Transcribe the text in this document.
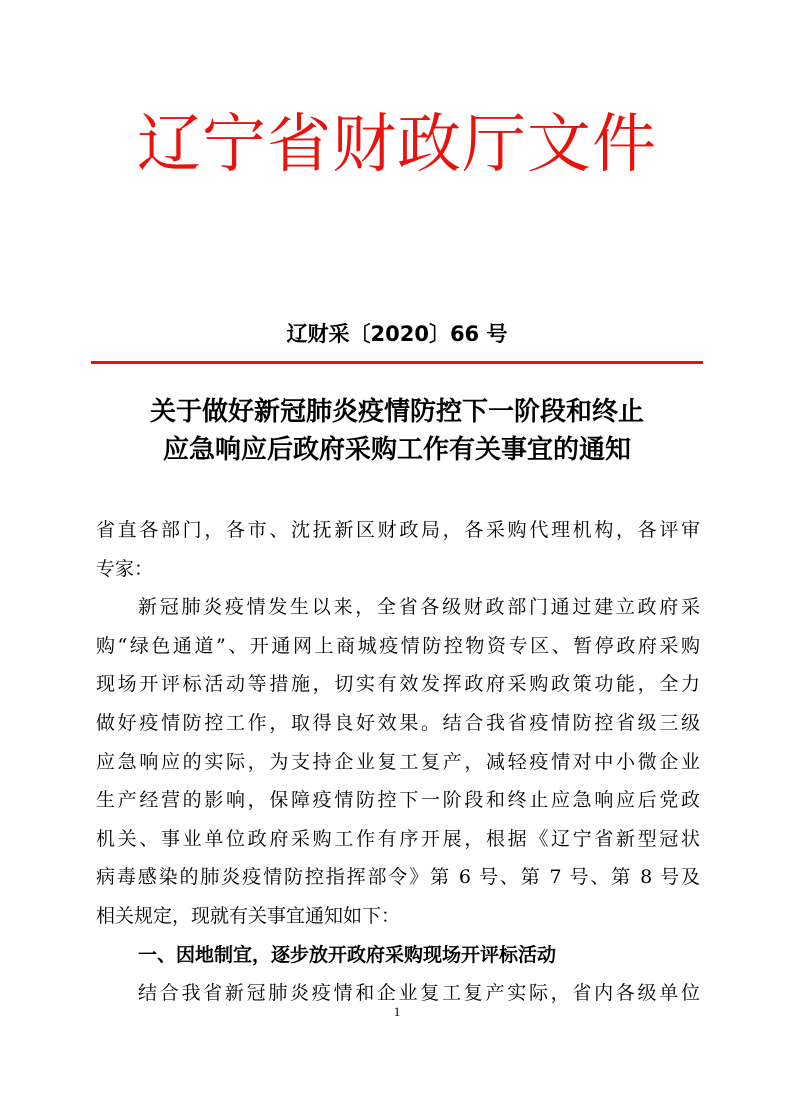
辽宁省财政厅文件
辽财采〔2020〕66 号
关于做好新冠肺炎疫情防控下一阶段和终止
应急响应后政府采购工作有关事宜的通知
省直各部门，各市、沈抚新区财政局，各采购代理机构，各评审
专家：
新冠肺炎疫情发生以来，全省各级财政部门通过建立政府采
购“绿色通道”、开通网上商城疫情防控物资专区、暂停政府采购
现场开评标活动等措施，切实有效发挥政府采购政策功能，全力
做好疫情防控工作，取得良好效果。结合我省疫情防控省级三级
应急响应的实际，为支持企业复工复产，减轻疫情对中小微企业
生产经营的影响，保障疫情防控下一阶段和终止应急响应后党政
机关、事业单位政府采购工作有序开展，根据《辽宁省新型冠状
病毒感染的肺炎疫情防控指挥部令》第 6 号、第 7 号、第 8 号及
相关规定，现就有关事宜通知如下：
一、因地制宜，逐步放开政府采购现场开评标活动
结合我省新冠肺炎疫情和企业复工复产实际，省内各级单位
1
